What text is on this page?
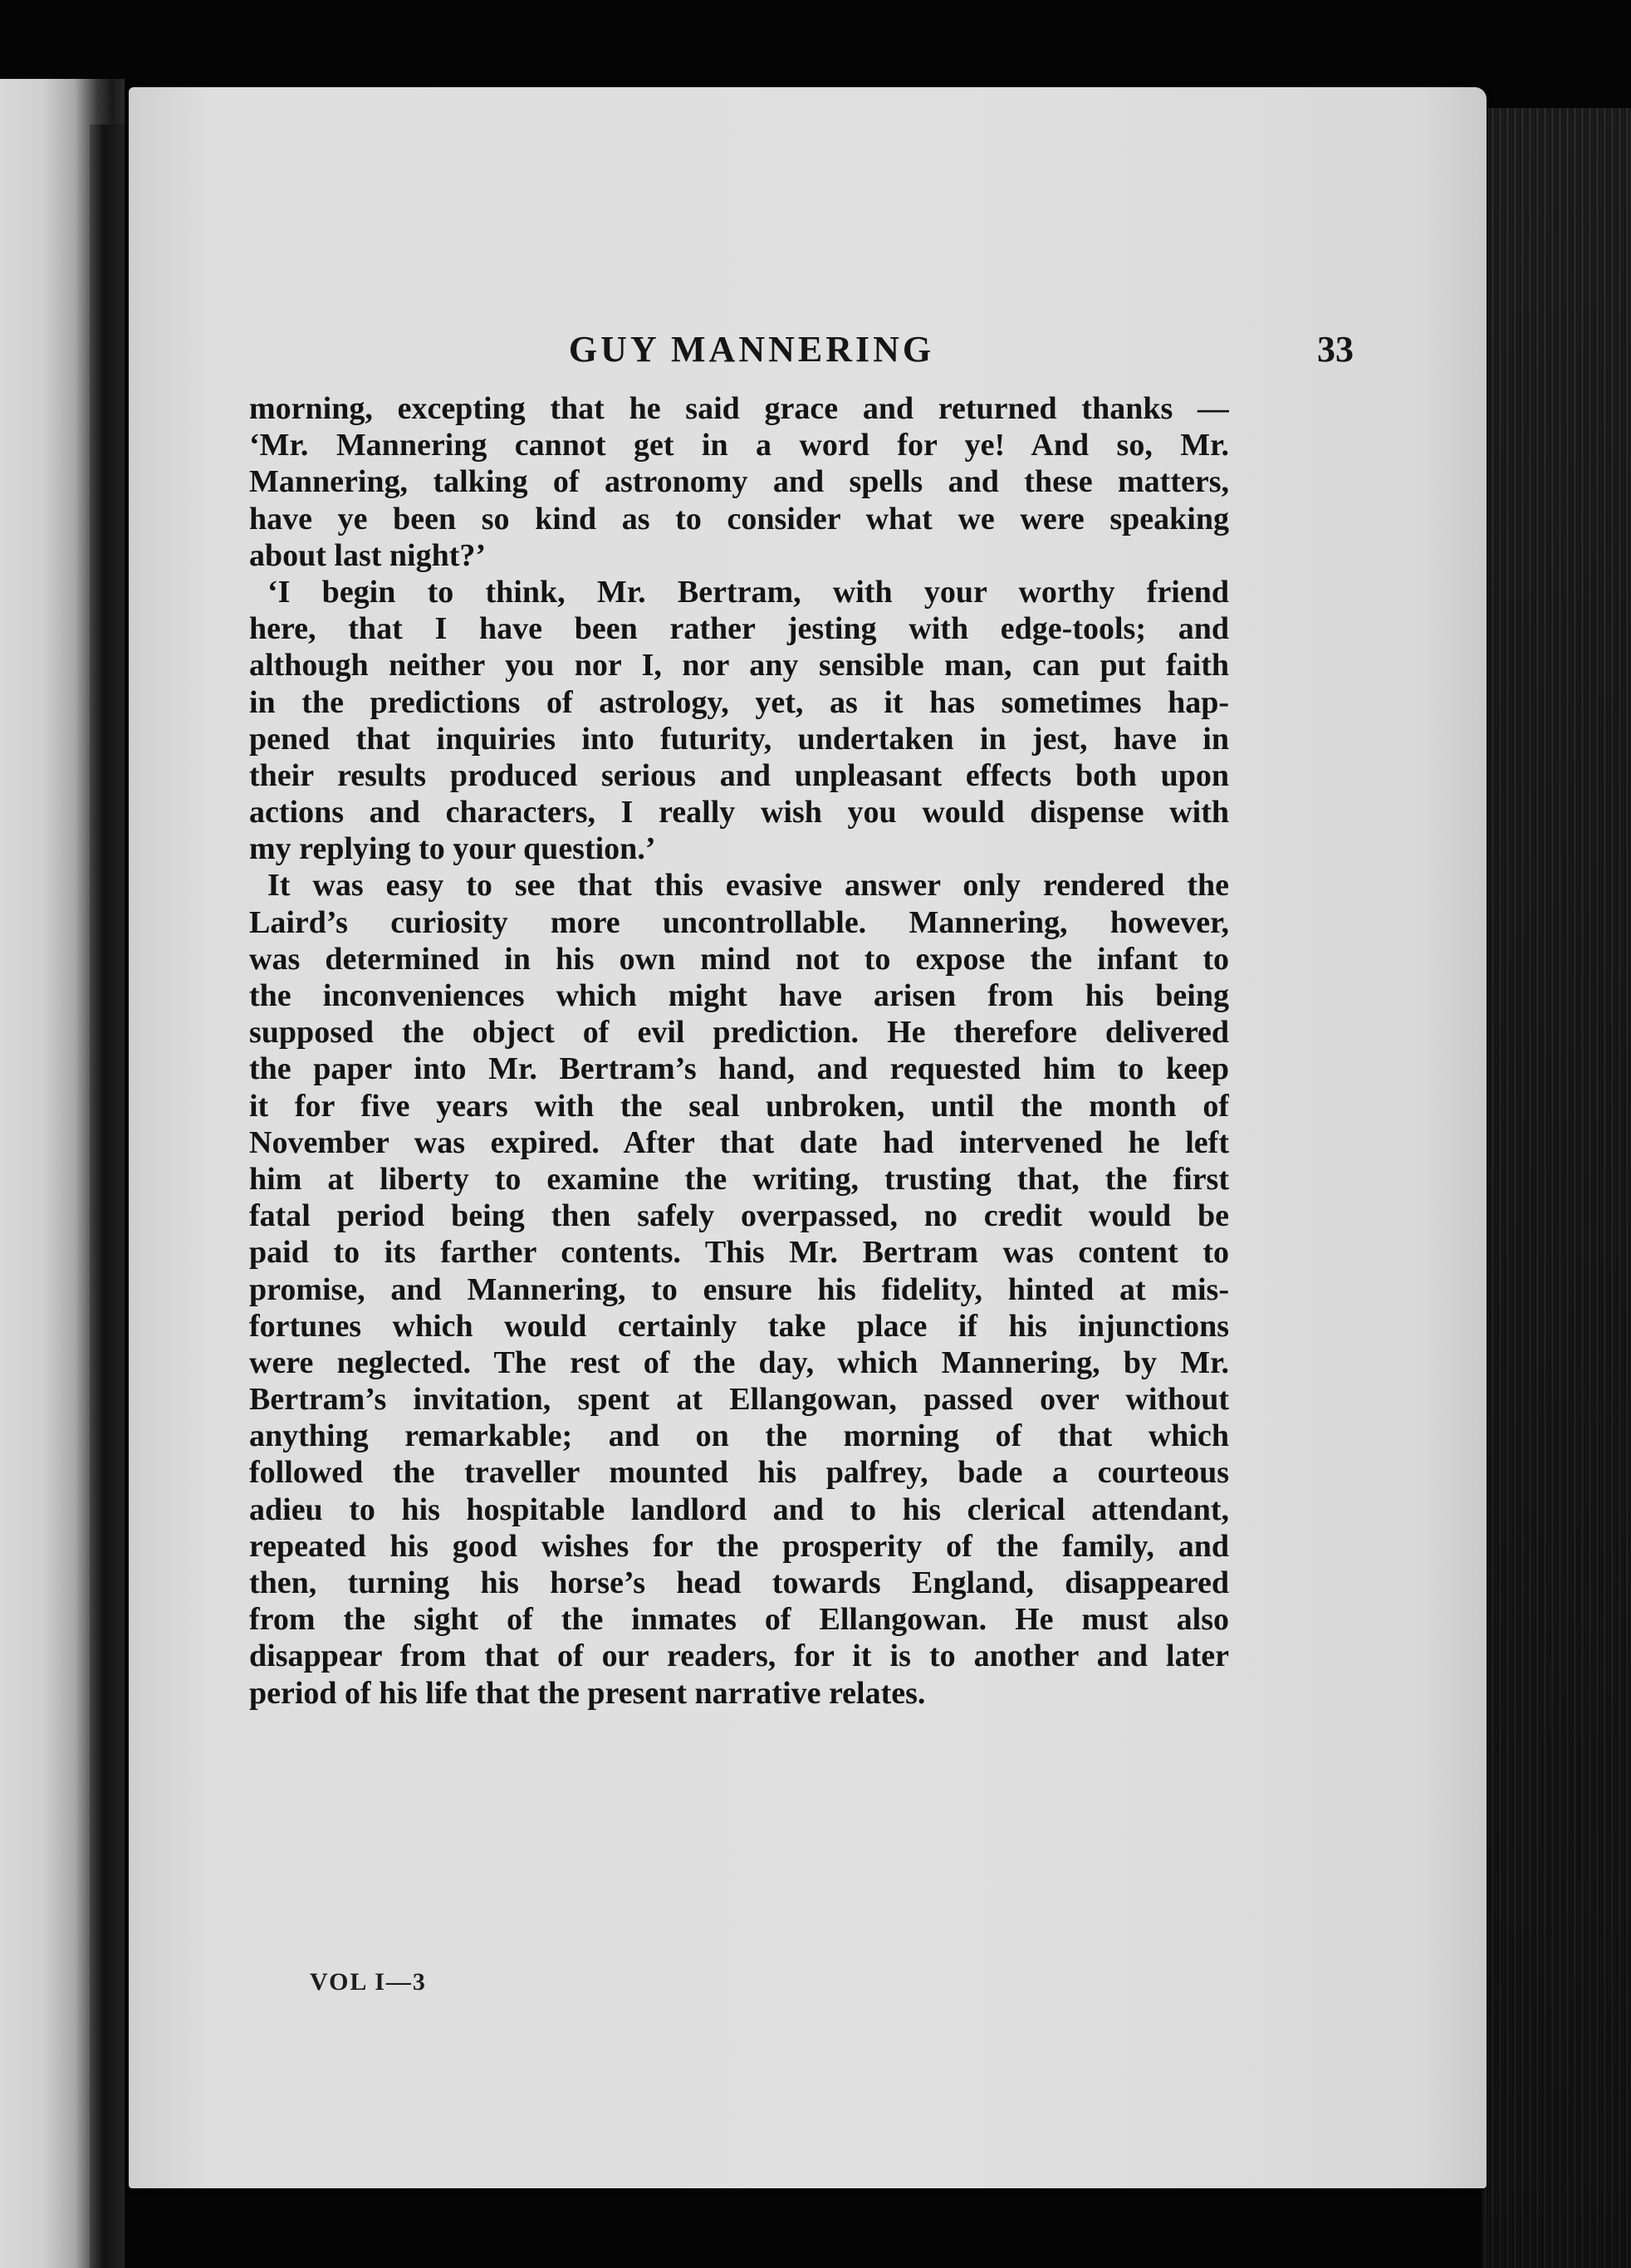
GUY MANNERING	33
morning, excepting that he said grace and returned thanks —
‘Mr. Mannering cannot get in a word for ye! And so, Mr.
Mannering, talking of astronomy and spells and these matters,
have ye been so kind as to consider what we were speaking
about last night?’
‘I begin to think, Mr. Bertram, with your worthy friend
here, that I have been rather jesting with edge-tools; and
although neither you nor I, nor any sensible man, can put faith
in the predictions of astrology, yet, as it has sometimes hap-
pened that inquiries into futurity, undertaken in jest, have in
their results produced serious and unpleasant effects both upon
actions and characters, I really wish you would dispense with
my replying to your question.’
It was easy to see that this evasive answer only rendered the
Laird’s curiosity more uncontrollable. Mannering, however,
was determined in his own mind not to expose the infant to
the inconveniences which might have arisen from his being
supposed the object of evil prediction. He therefore delivered
the paper into Mr. Bertram’s hand, and requested him to keep
it for five years with the seal unbroken, until the month of
November was expired. After that date had intervened he left
him at liberty to examine the writing, trusting that, the first
fatal period being then safely overpassed, no credit would be
paid to its farther contents. This Mr. Bertram was content to
promise, and Mannering, to ensure his fidelity, hinted at mis-
fortunes which would certainly take place if his injunctions
were neglected. The rest of the day, which Mannering, by Mr.
Bertram’s invitation, spent at Ellangowan, passed over without
anything remarkable; and on the morning of that which
followed the traveller mounted his palfrey, bade a courteous
adieu to his hospitable landlord and to his clerical attendant,
repeated his good wishes for the prosperity of the family, and
then, turning his horse’s head towards England, disappeared
from the sight of the inmates of Ellangowan. He must also
disappear from that of our readers, for it is to another and later
period of his life that the present narrative relates.
VOL I—3
